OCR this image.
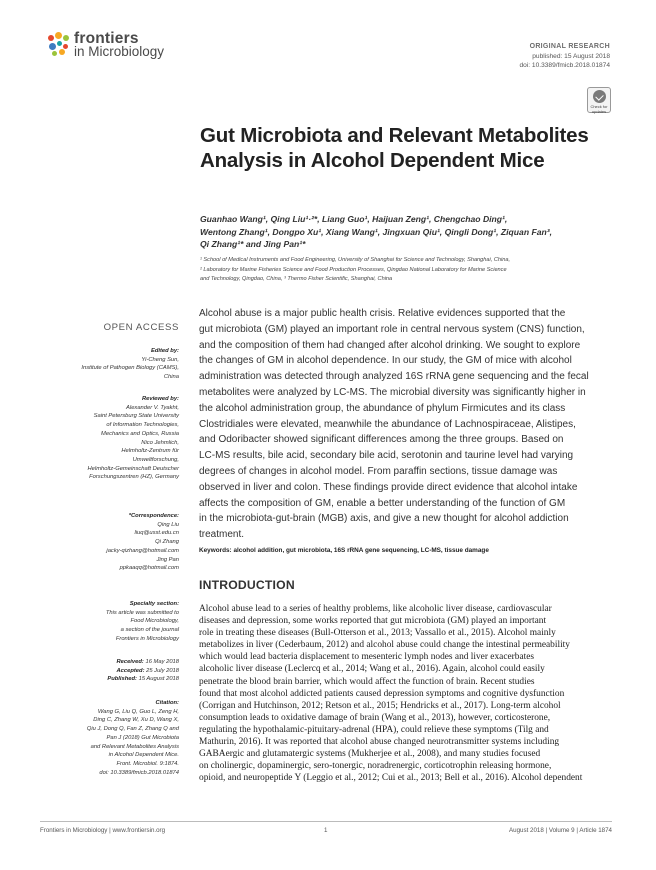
frontiers
in Microbiology	ORIGINAL RESEARCH
published: 15 August 2018
doi: 10.3389/fmicb.2018.01874
Check for updates
Gut Microbiota and Relevant Metabolites Analysis in Alcohol Dependent Mice
Guanhao Wang¹, Qing Liu¹·²*, Liang Guo¹, Haijuan Zeng¹, Chengchao Ding¹,
Wentong Zhang¹, Dongpo Xu¹, Xiang Wang¹, Jingxuan Qiu¹, Qingli Dong¹, Ziquan Fan³,
Qi Zhang¹* and Jing Pan¹*
¹ School of Medical Instruments and Food Engineering, University of Shanghai for Science and Technology, Shanghai, China,
² Laboratory for Marine Fisheries Science and Food Production Processes, Qingdao National Laboratory for Marine Science
and Technology, Qingdao, China, ³ Thermo Fisher Scientific, Shanghai, China
OPEN ACCESS
Edited by:
Yi-Cheng Sun,
Institute of Pathogen Biology (CAMS),
China
Reviewed by:
Alexander V. Tyakht,
Saint Petersburg State University
of Information Technologies,
Mechanics and Optics, Russia
Nico Jehmlich,
Helmholtz-Zentrum für
Umweltforschung,
Helmholtz-Gemeinschaft Deutscher
Forschungszentren (HZ), Germany
*Correspondence:
Qing Liu
liuq@usst.edu.cn
Qi Zhang
jacky-qizhang@hotmail.com
Jing Pan
ppkaaqq@hotmail.com
Specialty section:
This article was submitted to
Food Microbiology,
a section of the journal
Frontiers in Microbiology
Received: 16 May 2018
Accepted: 25 July 2018
Published: 15 August 2018
Citation:
Wang G, Liu Q, Guo L, Zeng H,
Ding C, Zhang W, Xu D, Wang X,
Qiu J, Dong Q, Fan Z, Zhang Q and
Pan J (2018) Gut Microbiota
and Relevant Metabolites Analysis
in Alcohol Dependent Mice.
Front. Microbiol. 9:1874.
doi: 10.3389/fmicb.2018.01874
Alcohol abuse is a major public health crisis. Relative evidences supported that the
gut microbiota (GM) played an important role in central nervous system (CNS) function,
and the composition of them had changed after alcohol drinking. We sought to explore
the changes of GM in alcohol dependence. In our study, the GM of mice with alcohol
administration was detected through analyzed 16S rRNA gene sequencing and the fecal
metabolites were analyzed by LC-MS. The microbial diversity was significantly higher in
the alcohol administration group, the abundance of phylum Firmicutes and its class
Clostridiales were elevated, meanwhile the abundance of Lachnospiraceae, Alistipes,
and Odoribacter showed significant differences among the three groups. Based on
LC-MS results, bile acid, secondary bile acid, serotonin and taurine level had varying
degrees of changes in alcohol model. From paraffin sections, tissue damage was
observed in liver and colon. These findings provide direct evidence that alcohol intake
affects the composition of GM, enable a better understanding of the function of GM
in the microbiota-gut-brain (MGB) axis, and give a new thought for alcohol addiction
treatment.
Keywords: alcohol addition, gut microbiota, 16S rRNA gene sequencing, LC-MS, tissue damage
INTRODUCTION
Alcohol abuse lead to a series of healthy problems, like alcoholic liver disease, cardiovascular
diseases and depression, some works reported that gut microbiota (GM) played an important
role in treating these diseases (Bull-Otterson et al., 2013; Vassallo et al., 2015). Alcohol mainly
metabolizes in liver (Cederbaum, 2012) and alcohol abuse could change the intestinal permeability
which would lead bacteria displacement to mesenteric lymph nodes and liver exacerbates
alcoholic liver disease (Leclercq et al., 2014; Wang et al., 2016). Again, alcohol could easily
penetrate the blood brain barrier, which would affect the function of brain. Recent studies
found that most alcohol addicted patients caused depression symptoms and cognitive dysfunction
(Corrigan and Hutchinson, 2012; Retson et al., 2015; Hendricks et al., 2017). Long-term alcohol
consumption leads to oxidative damage of brain (Wang et al., 2013), however, corticosterone,
regulating the hypothalamic-pituitary-adrenal (HPA), could relieve these symptoms (Tilg and
Mathurin, 2016). It was reported that alcohol abuse changed neurotransmitter systems including
GABAergic and glutamatergic systems (Mukherjee et al., 2008), and many studies focused
on cholinergic, dopaminergic, sero-tonergic, noradrenergic, corticotrophin releasing hormone,
opioid, and neuropeptide Y (Leggio et al., 2012; Cui et al., 2013; Bell et al., 2016). Alcohol dependent
Frontiers in Microbiology | www.frontiersin.org	1	August 2018 | Volume 9 | Article 1874
